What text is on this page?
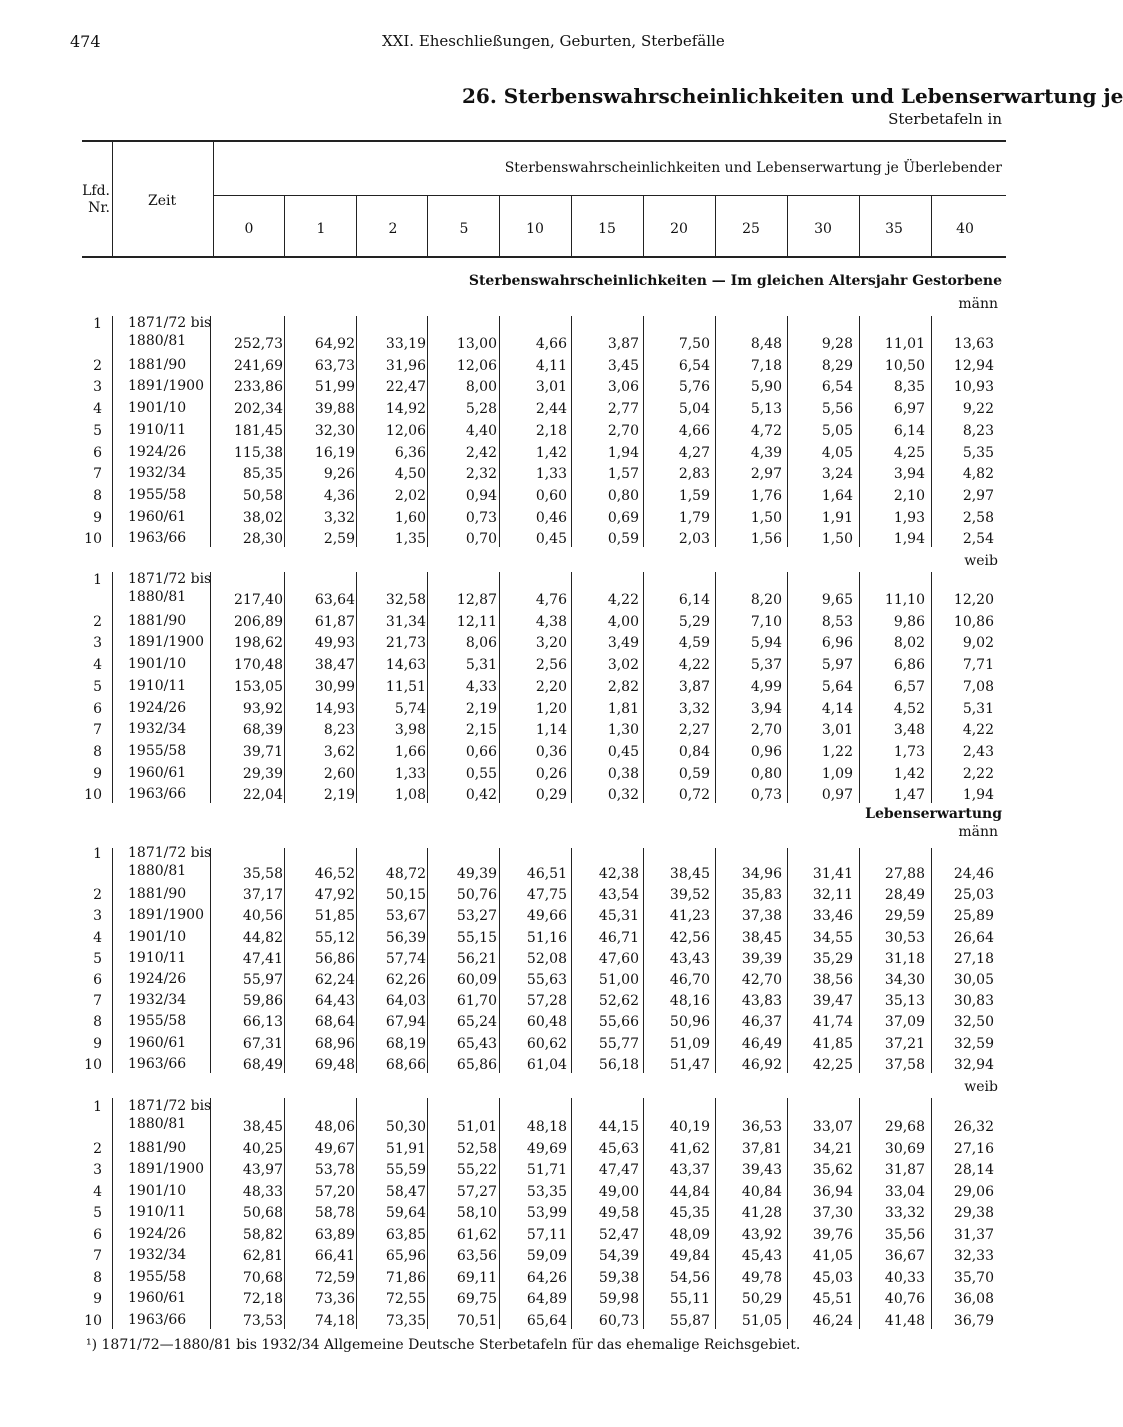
474	XXI. Eheschließungen, Geburten, Sterbefälle
26. Sterbenswahrscheinlichkeiten und Lebenserwartung je
Sterbetafeln in
Lfd. Nr.	Zeit
Sterbenswahrscheinlichkeiten und Lebenserwartung je Überlebender
0	1	2	5	10	15	20	25	30	35	40
Sterbenswahrscheinlichkeiten — Im gleichen Altersjahr Gestorbene
männ
1 1871/72 bis
1880/81	252,73	64,92	33,19	13,00	4,66	3,87	7,50	8,48	9,28	11,01	13,63
2 1881/90	241,69	63,73	31,96	12,06	4,11	3,45	6,54	7,18	8,29	10,50	12,94
3 1891/1900	233,86	51,99	22,47	8,00	3,01	3,06	5,76	5,90	6,54	8,35	10,93
4 1901/10	202,34	39,88	14,92	5,28	2,44	2,77	5,04	5,13	5,56	6,97	9,22
5 1910/11	181,45	32,30	12,06	4,40	2,18	2,70	4,66	4,72	5,05	6,14	8,23
6 1924/26	115,38	16,19	6,36	2,42	1,42	1,94	4,27	4,39	4,05	4,25	5,35
7 1932/34	85,35	9,26	4,50	2,32	1,33	1,57	2,83	2,97	3,24	3,94	4,82
8 1955/58	50,58	4,36	2,02	0,94	0,60	0,80	1,59	1,76	1,64	2,10	2,97
9 1960/61	38,02	3,32	1,60	0,73	0,46	0,69	1,79	1,50	1,91	1,93	2,58
10 1963/66	28,30	2,59	1,35	0,70	0,45	0,59	2,03	1,56	1,50	1,94	2,54
weib
1 1871/72 bis
1880/81	217,40	63,64	32,58	12,87	4,76	4,22	6,14	8,20	9,65	11,10	12,20
2 1881/90	206,89	61,87	31,34	12,11	4,38	4,00	5,29	7,10	8,53	9,86	10,86
3 1891/1900	198,62	49,93	21,73	8,06	3,20	3,49	4,59	5,94	6,96	8,02	9,02
4 1901/10	170,48	38,47	14,63	5,31	2,56	3,02	4,22	5,37	5,97	6,86	7,71
5 1910/11	153,05	30,99	11,51	4,33	2,20	2,82	3,87	4,99	5,64	6,57	7,08
6 1924/26	93,92	14,93	5,74	2,19	1,20	1,81	3,32	3,94	4,14	4,52	5,31
7 1932/34	68,39	8,23	3,98	2,15	1,14	1,30	2,27	2,70	3,01	3,48	4,22
8 1955/58	39,71	3,62	1,66	0,66	0,36	0,45	0,84	0,96	1,22	1,73	2,43
9 1960/61	29,39	2,60	1,33	0,55	0,26	0,38	0,59	0,80	1,09	1,42	2,22
10 1963/66	22,04	2,19	1,08	0,42	0,29	0,32	0,72	0,73	0,97	1,47	1,94
Lebenserwartung
männ
1 1871/72 bis
1880/81	35,58	46,52	48,72	49,39	46,51	42,38	38,45	34,96	31,41	27,88	24,46
2 1881/90	37,17	47,92	50,15	50,76	47,75	43,54	39,52	35,83	32,11	28,49	25,03
3 1891/1900	40,56	51,85	53,67	53,27	49,66	45,31	41,23	37,38	33,46	29,59	25,89
4 1901/10	44,82	55,12	56,39	55,15	51,16	46,71	42,56	38,45	34,55	30,53	26,64
5 1910/11	47,41	56,86	57,74	56,21	52,08	47,60	43,43	39,39	35,29	31,18	27,18
6 1924/26	55,97	62,24	62,26	60,09	55,63	51,00	46,70	42,70	38,56	34,30	30,05
7 1932/34	59,86	64,43	64,03	61,70	57,28	52,62	48,16	43,83	39,47	35,13	30,83
8 1955/58	66,13	68,64	67,94	65,24	60,48	55,66	50,96	46,37	41,74	37,09	32,50
9 1960/61	67,31	68,96	68,19	65,43	60,62	55,77	51,09	46,49	41,85	37,21	32,59
10 1963/66	68,49	69,48	68,66	65,86	61,04	56,18	51,47	46,92	42,25	37,58	32,94
weib
1 1871/72 bis
1880/81	38,45	48,06	50,30	51,01	48,18	44,15	40,19	36,53	33,07	29,68	26,32
2 1881/90	40,25	49,67	51,91	52,58	49,69	45,63	41,62	37,81	34,21	30,69	27,16
3 1891/1900	43,97	53,78	55,59	55,22	51,71	47,47	43,37	39,43	35,62	31,87	28,14
4 1901/10	48,33	57,20	58,47	57,27	53,35	49,00	44,84	40,84	36,94	33,04	29,06
5 1910/11	50,68	58,78	59,64	58,10	53,99	49,58	45,35	41,28	37,30	33,32	29,38
6 1924/26	58,82	63,89	63,85	61,62	57,11	52,47	48,09	43,92	39,76	35,56	31,37
7 1932/34	62,81	66,41	65,96	63,56	59,09	54,39	49,84	45,43	41,05	36,67	32,33
8 1955/58	70,68	72,59	71,86	69,11	64,26	59,38	54,56	49,78	45,03	40,33	35,70
9 1960/61	72,18	73,36	72,55	69,75	64,89	59,98	55,11	50,29	45,51	40,76	36,08
10 1963/66	73,53	74,18	73,35	70,51	65,64	60,73	55,87	51,05	46,24	41,48	36,79
¹) 1871/72—1880/81 bis 1932/34 Allgemeine Deutsche Sterbetafeln für das ehemalige Reichsgebiet.
